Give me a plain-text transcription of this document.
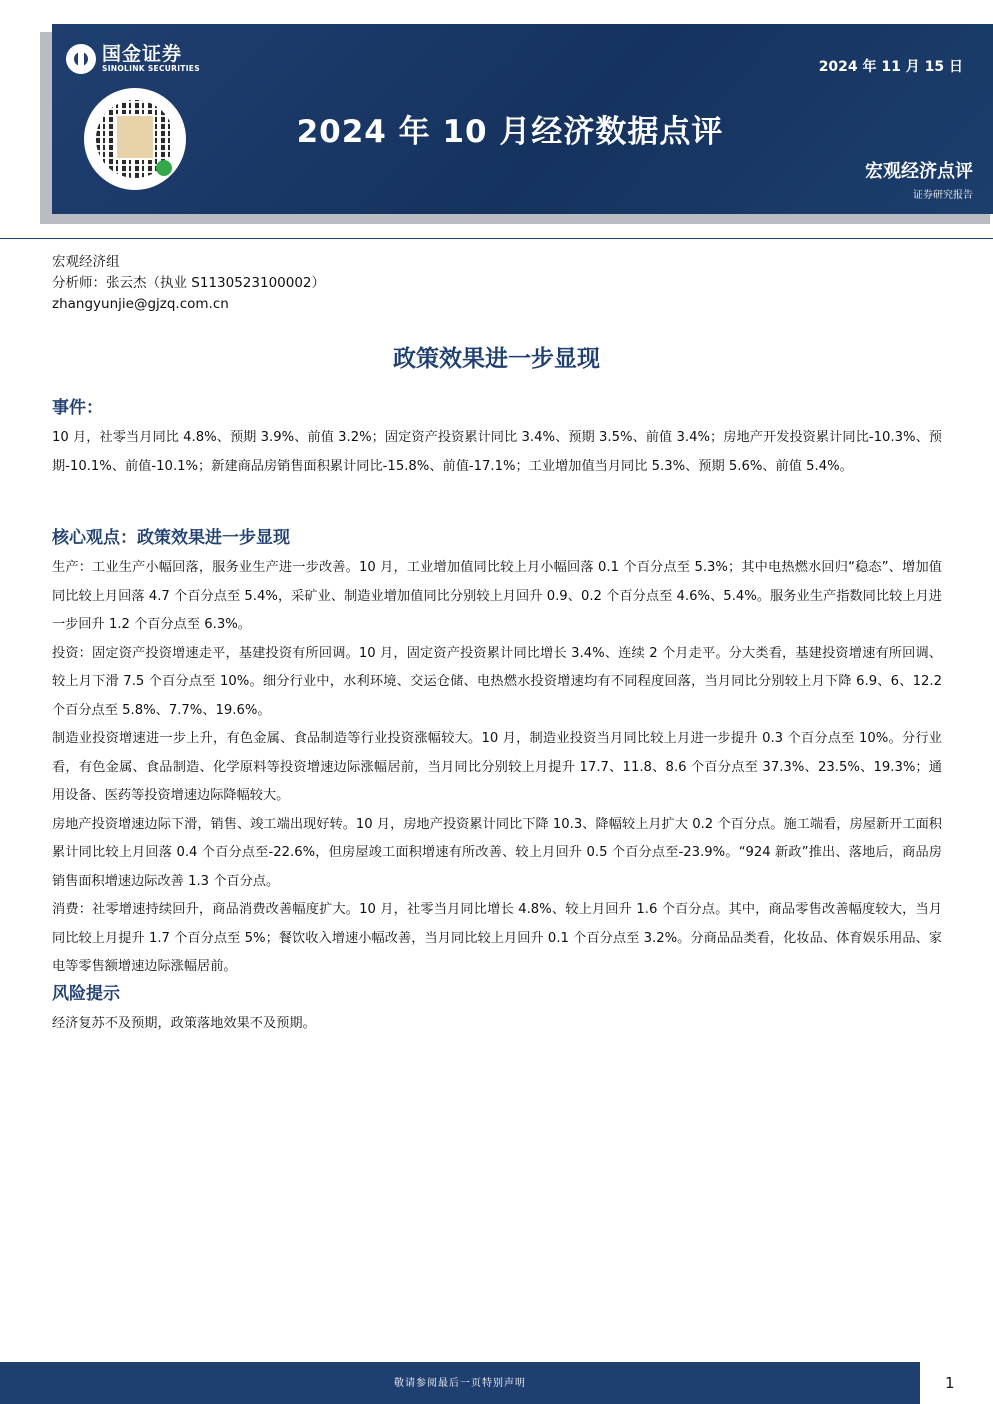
国金证券
SINOLINK SECURITIES	2024 年 11 月 15 日
2024 年 10 月经济数据点评
宏观经济点评
证券研究报告
宏观经济组
分析师：张云杰（执业 S1130523100002）
zhangyunjie@gjzq.com.cn
政策效果进一步显现
事件：

10 月，社零当月同比 4.8%、预期 3.9%、前值 3.2%；固定资产投资累计同比 3.4%、预期 3.5%、前值 3.4%；房地产开发投资累计同比-10.3%、预期-10.1%、前值-10.1%；新建商品房销售面积累计同比-15.8%、前值-17.1%；工业增加值当月同比 5.3%、预期 5.6%、前值 5.4%。

核心观点：政策效果进一步显现

生产：工业生产小幅回落，服务业生产进一步改善。10 月，工业增加值同比较上月小幅回落 0.1 个百分点至 5.3%；其中电热燃水回归“稳态”、增加值同比较上月回落 4.7 个百分点至 5.4%，采矿业、制造业增加值同比分别较上月回升 0.9、0.2 个百分点至 4.6%、5.4%。服务业生产指数同比较上月进一步回升 1.2 个百分点至 6.3%。

投资：固定资产投资增速走平，基建投资有所回调。10 月，固定资产投资累计同比增长 3.4%、连续 2 个月走平。分大类看，基建投资增速有所回调、较上月下滑 7.5 个百分点至 10%。细分行业中，水利环境、交运仓储、电热燃水投资增速均有不同程度回落，当月同比分别较上月下降 6.9、6、12.2 个百分点至 5.8%、7.7%、19.6%。

制造业投资增速进一步上升，有色金属、食品制造等行业投资涨幅较大。10 月，制造业投资当月同比较上月进一步提升 0.3 个百分点至 10%。分行业看，有色金属、食品制造、化学原料等投资增速边际涨幅居前，当月同比分别较上月提升 17.7、11.8、8.6 个百分点至 37.3%、23.5%、19.3%；通用设备、医药等投资增速边际降幅较大。

房地产投资增速边际下滑，销售、竣工端出现好转。10 月，房地产投资累计同比下降 10.3、降幅较上月扩大 0.2 个百分点。施工端看，房屋新开工面积累计同比较上月回落 0.4 个百分点至-22.6%，但房屋竣工面积增速有所改善、较上月回升 0.5 个百分点至-23.9%。“924 新政”推出、落地后，商品房销售面积增速边际改善 1.3 个百分点。

消费：社零增速持续回升，商品消费改善幅度扩大。10 月，社零当月同比增长 4.8%、较上月回升 1.6 个百分点。其中，商品零售改善幅度较大，当月同比较上月提升 1.7 个百分点至 5%；餐饮收入增速小幅改善，当月同比较上月回升 0.1 个百分点至 3.2%。分商品品类看，化妆品、体育娱乐用品、家电等零售额增速边际涨幅居前。

风险提示

经济复苏不及预期，政策落地效果不及预期。

敬请参阅最后一页特别声明	1
